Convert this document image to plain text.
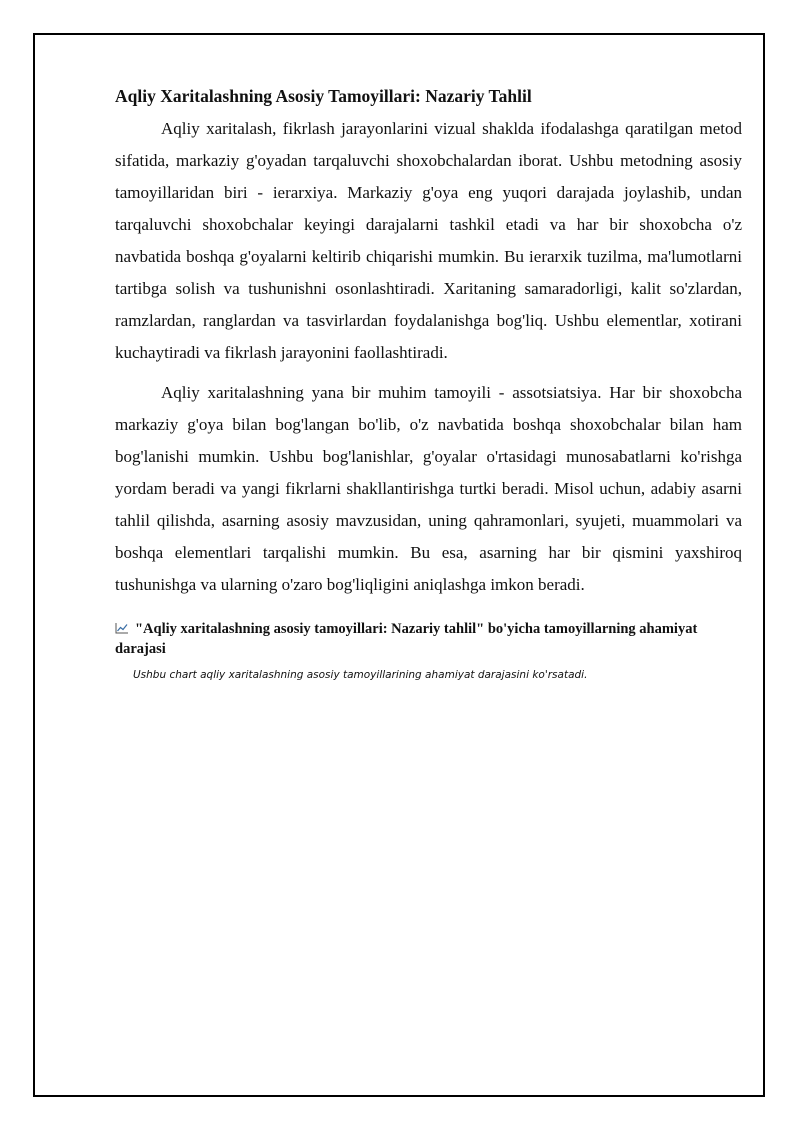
Aqliy Xaritalashning Asosiy Tamoyillari: Nazariy Tahlil

Aqliy xaritalash, fikrlash jarayonlarini vizual shaklda ifodalashga qaratilgan metod sifatida, markaziy g'oyadan tarqaluvchi shoxobchalardan iborat. Ushbu metodning asosiy tamoyillaridan biri - ierarxiya. Markaziy g'oya eng yuqori darajada joylashib, undan tarqaluvchi shoxobchalar keyingi darajalarni tashkil etadi va har bir shoxobcha o'z navbatida boshqa g'oyalarni keltirib chiqarishi mumkin. Bu ierarxik tuzilma, ma'lumotlarni tartibga solish va tushunishni osonlashtiradi. Xaritaning samaradorligi, kalit so'zlardan, ramzlardan, ranglardan va tasvirlardan foydalanishga bog'liq. Ushbu elementlar, xotirani kuchaytiradi va fikrlash jarayonini faollashtiradi.

Aqliy xaritalashning yana bir muhim tamoyili - assotsiatsiya. Har bir shoxobcha markaziy g'oya bilan bog'langan bo'lib, o'z navbatida boshqa shoxobchalar bilan ham bog'lanishi mumkin. Ushbu bog'lanishlar, g'oyalar o'rtasidagi munosabatlarni ko'rishga yordam beradi va yangi fikrlarni shakllantirishga turtki beradi. Misol uchun, adabiy asarni tahlil qilishda, asarning asosiy mavzusidan, uning qahramonlari, syujeti, muammolari va boshqa elementlari tarqalishi mumkin. Bu esa, asarning har bir qismini yaxshiroq tushunishga va ularning o'zaro bog'liqligini aniqlashga imkon beradi.

"Aqliy xaritalashning asosiy tamoyillari: Nazariy tahlil" bo'yicha tamoyillarning ahamiyat darajasi
Ushbu chart aqliy xaritalashning asosiy tamoyillarining ahamiyat darajasini ko'rsatadi.
